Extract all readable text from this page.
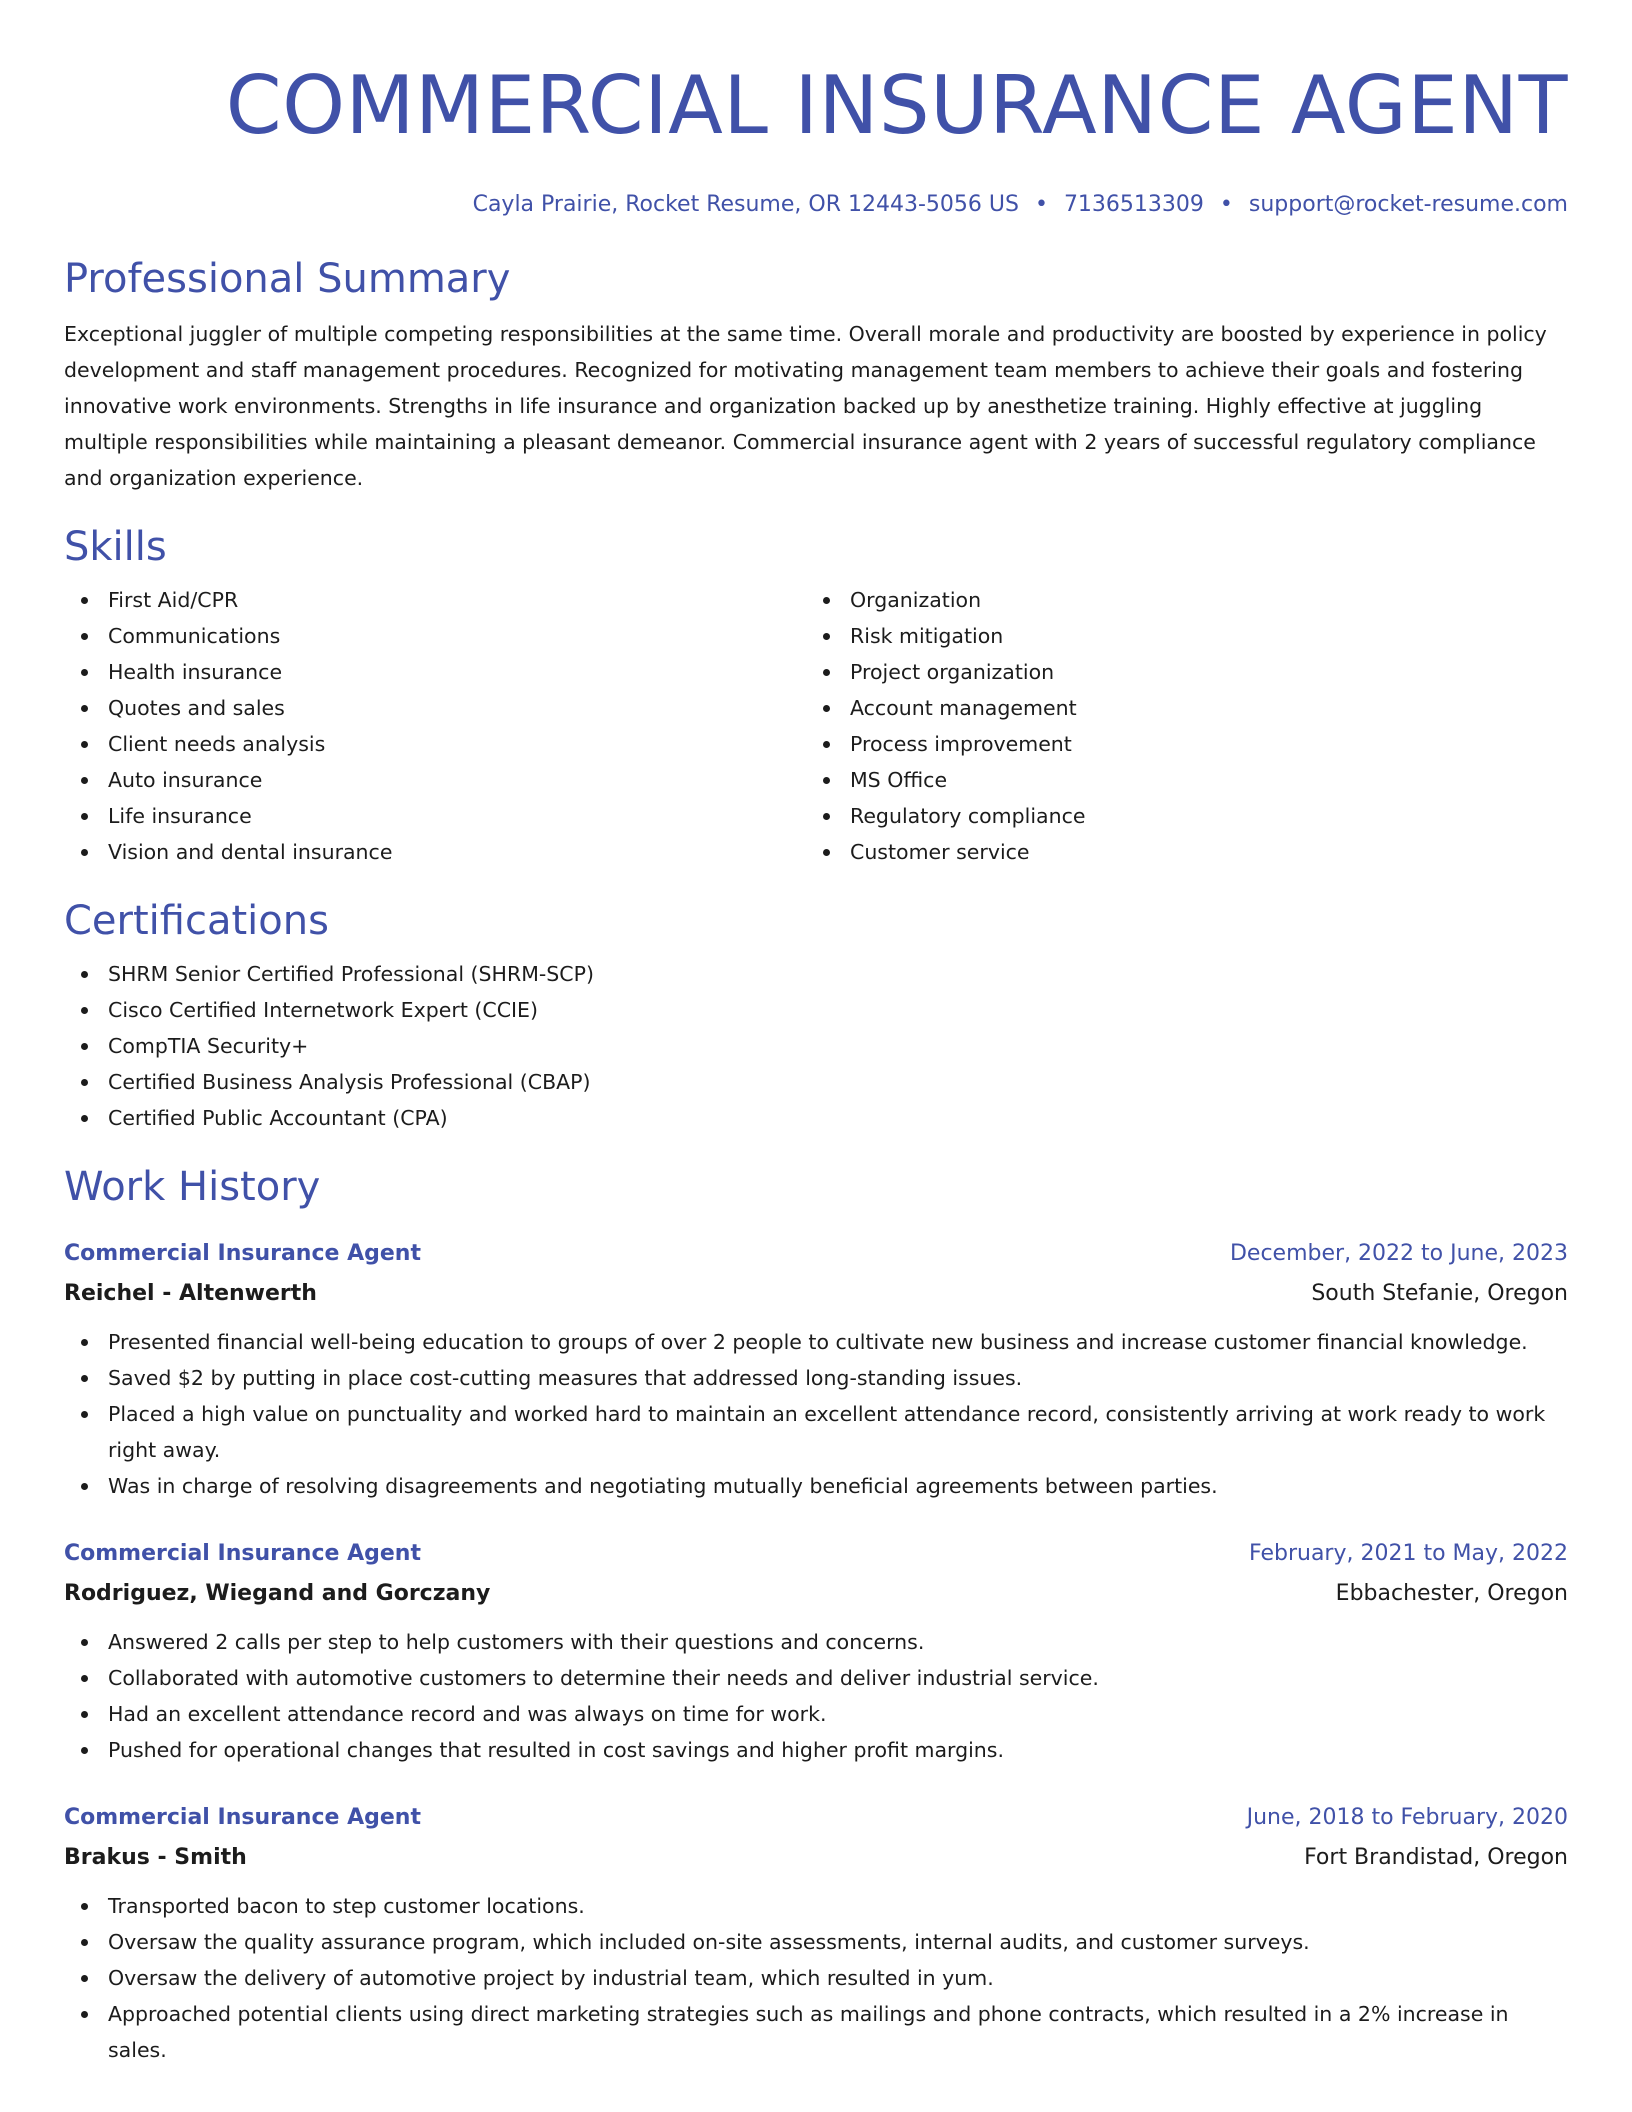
COMMERCIAL INSURANCE AGENT
Cayla Prairie, Rocket Resume, OR 12443-5056 US • 7136513309 • support@rocket-resume.com
Professional Summary

Exceptional juggler of multiple competing responsibilities at the same time. Overall morale and productivity are boosted by experience in policy development and staff management procedures. Recognized for motivating management team members to achieve their goals and fostering innovative work environments. Strengths in life insurance and organization backed up by anesthetize training. Highly effective at juggling multiple responsibilities while maintaining a pleasant demeanor. Commercial insurance agent with 2 years of successful regulatory compliance and organization experience.

Skills
First Aid/CPR
Communications
Health insurance
Quotes and sales
Client needs analysis
Auto insurance
Life insurance
Vision and dental insurance
Organization
Risk mitigation
Project organization
Account management
Process improvement
MS Office
Regulatory compliance
Customer service
Certifications
SHRM Senior Certified Professional (SHRM-SCP)
Cisco Certified Internetwork Expert (CCIE)
CompTIA Security+
Certified Business Analysis Professional (CBAP)
Certified Public Accountant (CPA)
Work History
Commercial Insurance Agent	December, 2022 to June, 2023
Reichel - Altenwerth	South Stefanie, Oregon
Presented financial well-being education to groups of over 2 people to cultivate new business and increase customer financial knowledge.
Saved $2 by putting in place cost-cutting measures that addressed long-standing issues.
Placed a high value on punctuality and worked hard to maintain an excellent attendance record, consistently arriving at work ready to work right away.
Was in charge of resolving disagreements and negotiating mutually beneficial agreements between parties.
Commercial Insurance Agent	February, 2021 to May, 2022
Rodriguez, Wiegand and Gorczany	Ebbachester, Oregon
Answered 2 calls per step to help customers with their questions and concerns.
Collaborated with automotive customers to determine their needs and deliver industrial service.
Had an excellent attendance record and was always on time for work.
Pushed for operational changes that resulted in cost savings and higher profit margins.
Commercial Insurance Agent	June, 2018 to February, 2020
Brakus - Smith	Fort Brandistad, Oregon
Transported bacon to step customer locations.
Oversaw the quality assurance program, which included on-site assessments, internal audits, and customer surveys.
Oversaw the delivery of automotive project by industrial team, which resulted in yum.
Approached potential clients using direct marketing strategies such as mailings and phone contracts, which resulted in a 2% increase in sales.
